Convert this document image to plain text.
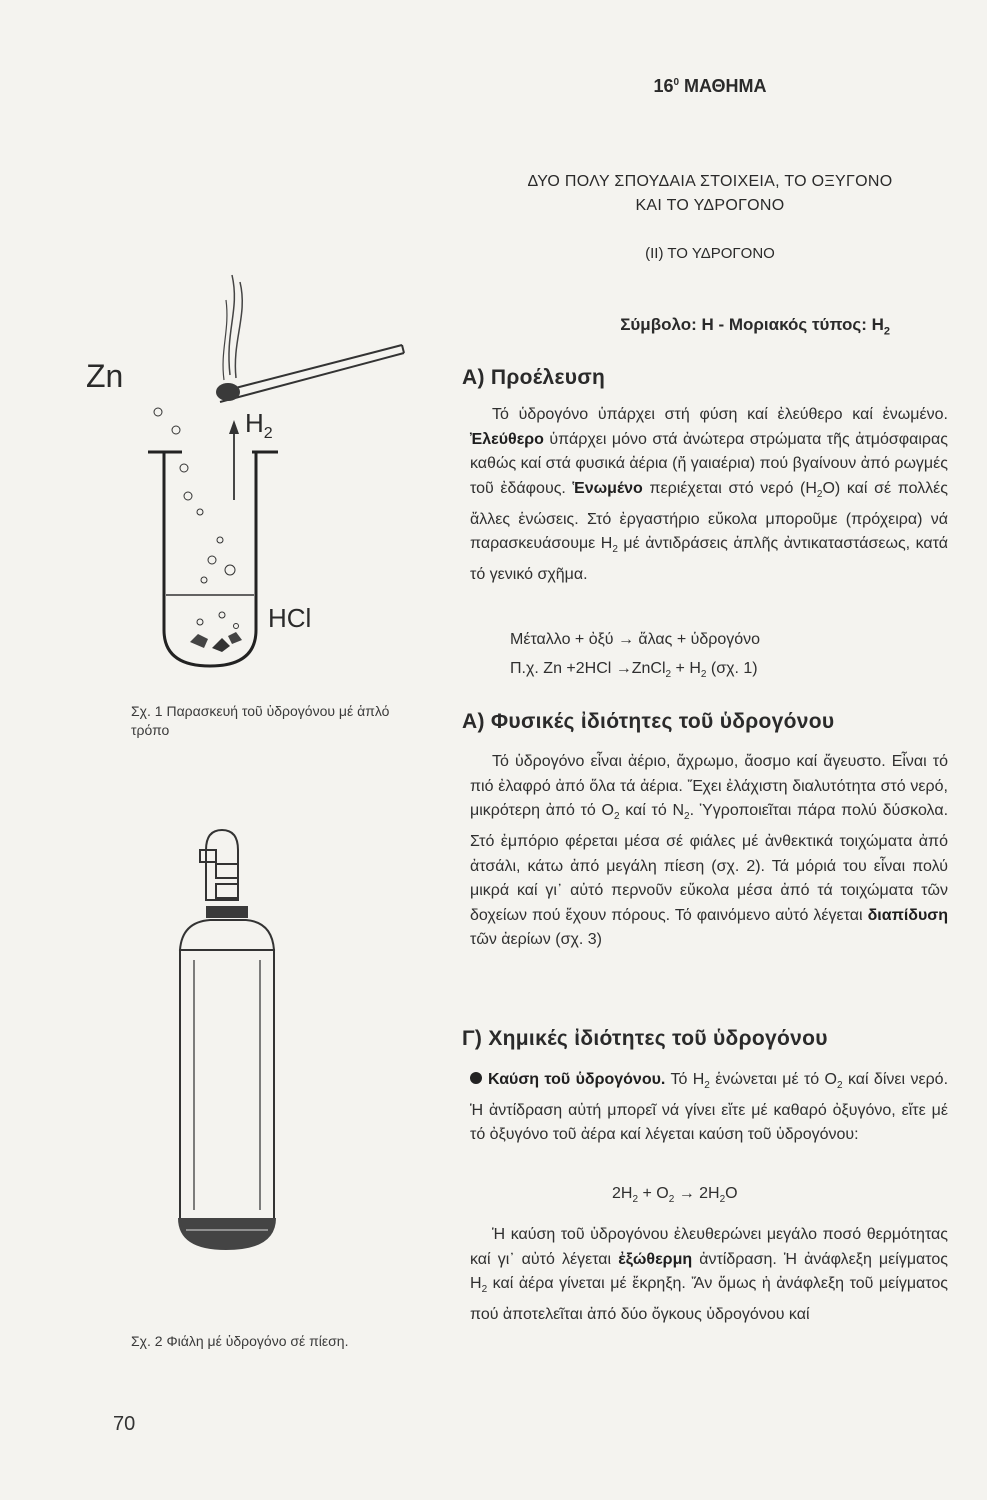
Zn
$H_2$
HCl
Σχ. 1 Παρασκευή τοῦ ὑδρογόνου μέ ἁπλό τρόπο
Σχ. 2 Φιάλη μέ ὑδρογόνο σέ πίεση.
70
$16^0$ ΜΑΘΗΜΑ
ΔΥΟ ΠΟΛΥ ΣΠΟΥΔΑΙΑ ΣΤΟΙΧΕΙΑ, ΤΟ ΟΞΥΓΟΝΟ
ΚΑΙ ΤΟ ΥΔΡΟΓΟΝΟ
(ΙΙ) ΤΟ ΥΔΡΟΓΟΝΟ
Σύμβολο: Η - Μοριακός τύπος: $H_2$
Α) Προέλευση

Τό ὑδρογόνο ὑπάρχει στή φύση καί ἐλεύθερο καί ἑνωμένο. Ἐλεύθερο ὑπάρχει μόνο στά ἀνώτερα στρώματα τῆς ἀτμόσφαιρας καθώς καί στά φυσικά ἀέρια (ἤ γαιαέρια) πού βγαίνουν ἀπό ρωγμές τοῦ ἐδάφους. Ἑνωμένο περιέχεται στό νερό $(H_2O)$ καί σέ πολλές ἄλλες ἑνώσεις. Στό ἐργαστήριο εὔκολα μποροῦμε (πρόχειρα) νά παρασκευάσουμε $H_2$ μέ ἀντιδράσεις ἁπλῆς ἀντικαταστάσεως, κατά τό γενικό σχῆμα.

Μέταλλο + ὀξύ → ἅλας + ὑδρογόνο
Π.χ. Zn +2HCl →ZnCl$_2$ + $H_2$ (σχ. 1)
Α) Φυσικές ἰδιότητες τοῦ ὑδρογόνου

Τό ὑδρογόνο εἶναι ἀέριο, ἄχρωμο, ἄοσμο καί ἄγευστο. Εἶναι τό πιό ἐλαφρό ἀπό ὅλα τά ἀέρια. Ἔχει ἐλάχιστη διαλυτότητα στό νερό, μικρότερη ἀπό τό $O_2$ καί τό $N_2$. Ὑγροποιεῖται πάρα πολύ δύσκολα. Στό ἐμπόριο φέρεται μέσα σέ φιάλες μέ ἀνθεκτικά τοιχώματα ἀπό ἀτσάλι, κάτω ἀπό μεγάλη πίεση (σχ. 2). Τά μόριά του εἶναι πολύ μικρά καί γι᾽ αὐτό περνοῦν εὔκολα μέσα ἀπό τά τοιχώματα τῶν δοχείων πού ἔχουν πόρους. Τό φαινόμενο αὐτό λέγεται διαπίδυση τῶν ἀερίων (σχ. 3)

Γ) Χημικές ἰδιότητες τοῦ ὑδρογόνου

Καύση τοῦ ὑδρογόνου. Τό $H_2$ ἑνώνεται μέ τό $O_2$ καί δίνει νερό. Ἡ ἀντίδραση αὐτή μπορεῖ νά γίνει εἴτε μέ καθαρό ὀξυγόνο, εἴτε μέ τό ὀξυγόνο τοῦ ἀέρα καί λέγεται καύση τοῦ ὑδρογόνου:

$2H_2 + O_2 \to 2H_2O$

Ἡ καύση τοῦ ὑδρογόνου ἐλευθερώνει μεγάλο ποσό θερμότητας καί γι᾽ αὐτό λέγεται ἐξώθερμη ἀντίδραση. Ἡ ἀνάφλεξη μείγματος $H_2$ καί ἀέρα γίνεται μέ ἔκρηξη. Ἄν ὅμως ἡ ἀνάφλεξη τοῦ μείγματος πού ἀποτελεῖται ἀπό δύο ὄγκους ὑδρογόνου καί
